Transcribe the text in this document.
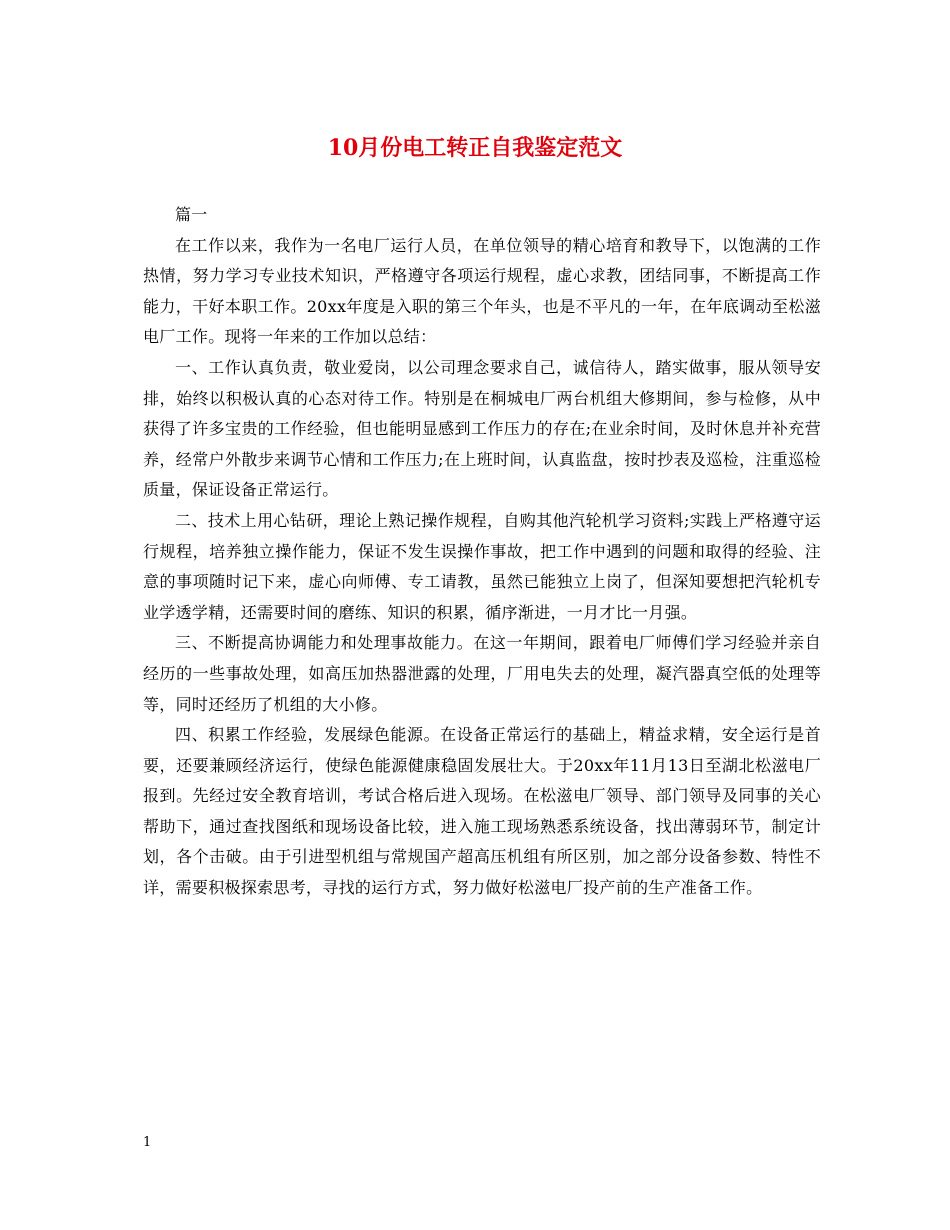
10月份电工转正自我鉴定范文

篇一

在工作以来，我作为一名电厂运行人员，在单位领导的精心培育和教导下，以饱满的工作热情，努力学习专业技术知识，严格遵守各项运行规程，虚心求教，团结同事，不断提高工作能力，干好本职工作。20xx年度是入职的第三个年头，也是不平凡的一年，在年底调动至松滋电厂工作。现将一年来的工作加以总结：

一、工作认真负责，敬业爱岗，以公司理念要求自己，诚信待人，踏实做事，服从领导安排，始终以积极认真的心态对待工作。特别是在桐城电厂两台机组大修期间，参与检修，从中获得了许多宝贵的工作经验，但也能明显感到工作压力的存在;在业余时间，及时休息并补充营养，经常户外散步来调节心情和工作压力;在上班时间，认真监盘，按时抄表及巡检，注重巡检质量，保证设备正常运行。

二、技术上用心钻研，理论上熟记操作规程，自购其他汽轮机学习资料;实践上严格遵守运行规程，培养独立操作能力，保证不发生误操作事故，把工作中遇到的问题和取得的经验、注意的事项随时记下来，虚心向师傅、专工请教，虽然已能独立上岗了，但深知要想把汽轮机专业学透学精，还需要时间的磨练、知识的积累，循序渐进，一月才比一月强。

三、不断提高协调能力和处理事故能力。在这一年期间，跟着电厂师傅们学习经验并亲自经历的一些事故处理，如高压加热器泄露的处理，厂用电失去的处理，凝汽器真空低的处理等等，同时还经历了机组的大小修。

四、积累工作经验，发展绿色能源。在设备正常运行的基础上，精益求精，安全运行是首要，还要兼顾经济运行，使绿色能源健康稳固发展壮大。于20xx年11月13日至湖北松滋电厂报到。先经过安全教育培训，考试合格后进入现场。在松滋电厂领导、部门领导及同事的关心帮助下，通过查找图纸和现场设备比较，进入施工现场熟悉系统设备，找出薄弱环节，制定计划，各个击破。由于引进型机组与常规国产超高压机组有所区别，加之部分设备参数、特性不详，需要积极探索思考，寻找的运行方式，努力做好松滋电厂投产前的生产准备工作。

1
